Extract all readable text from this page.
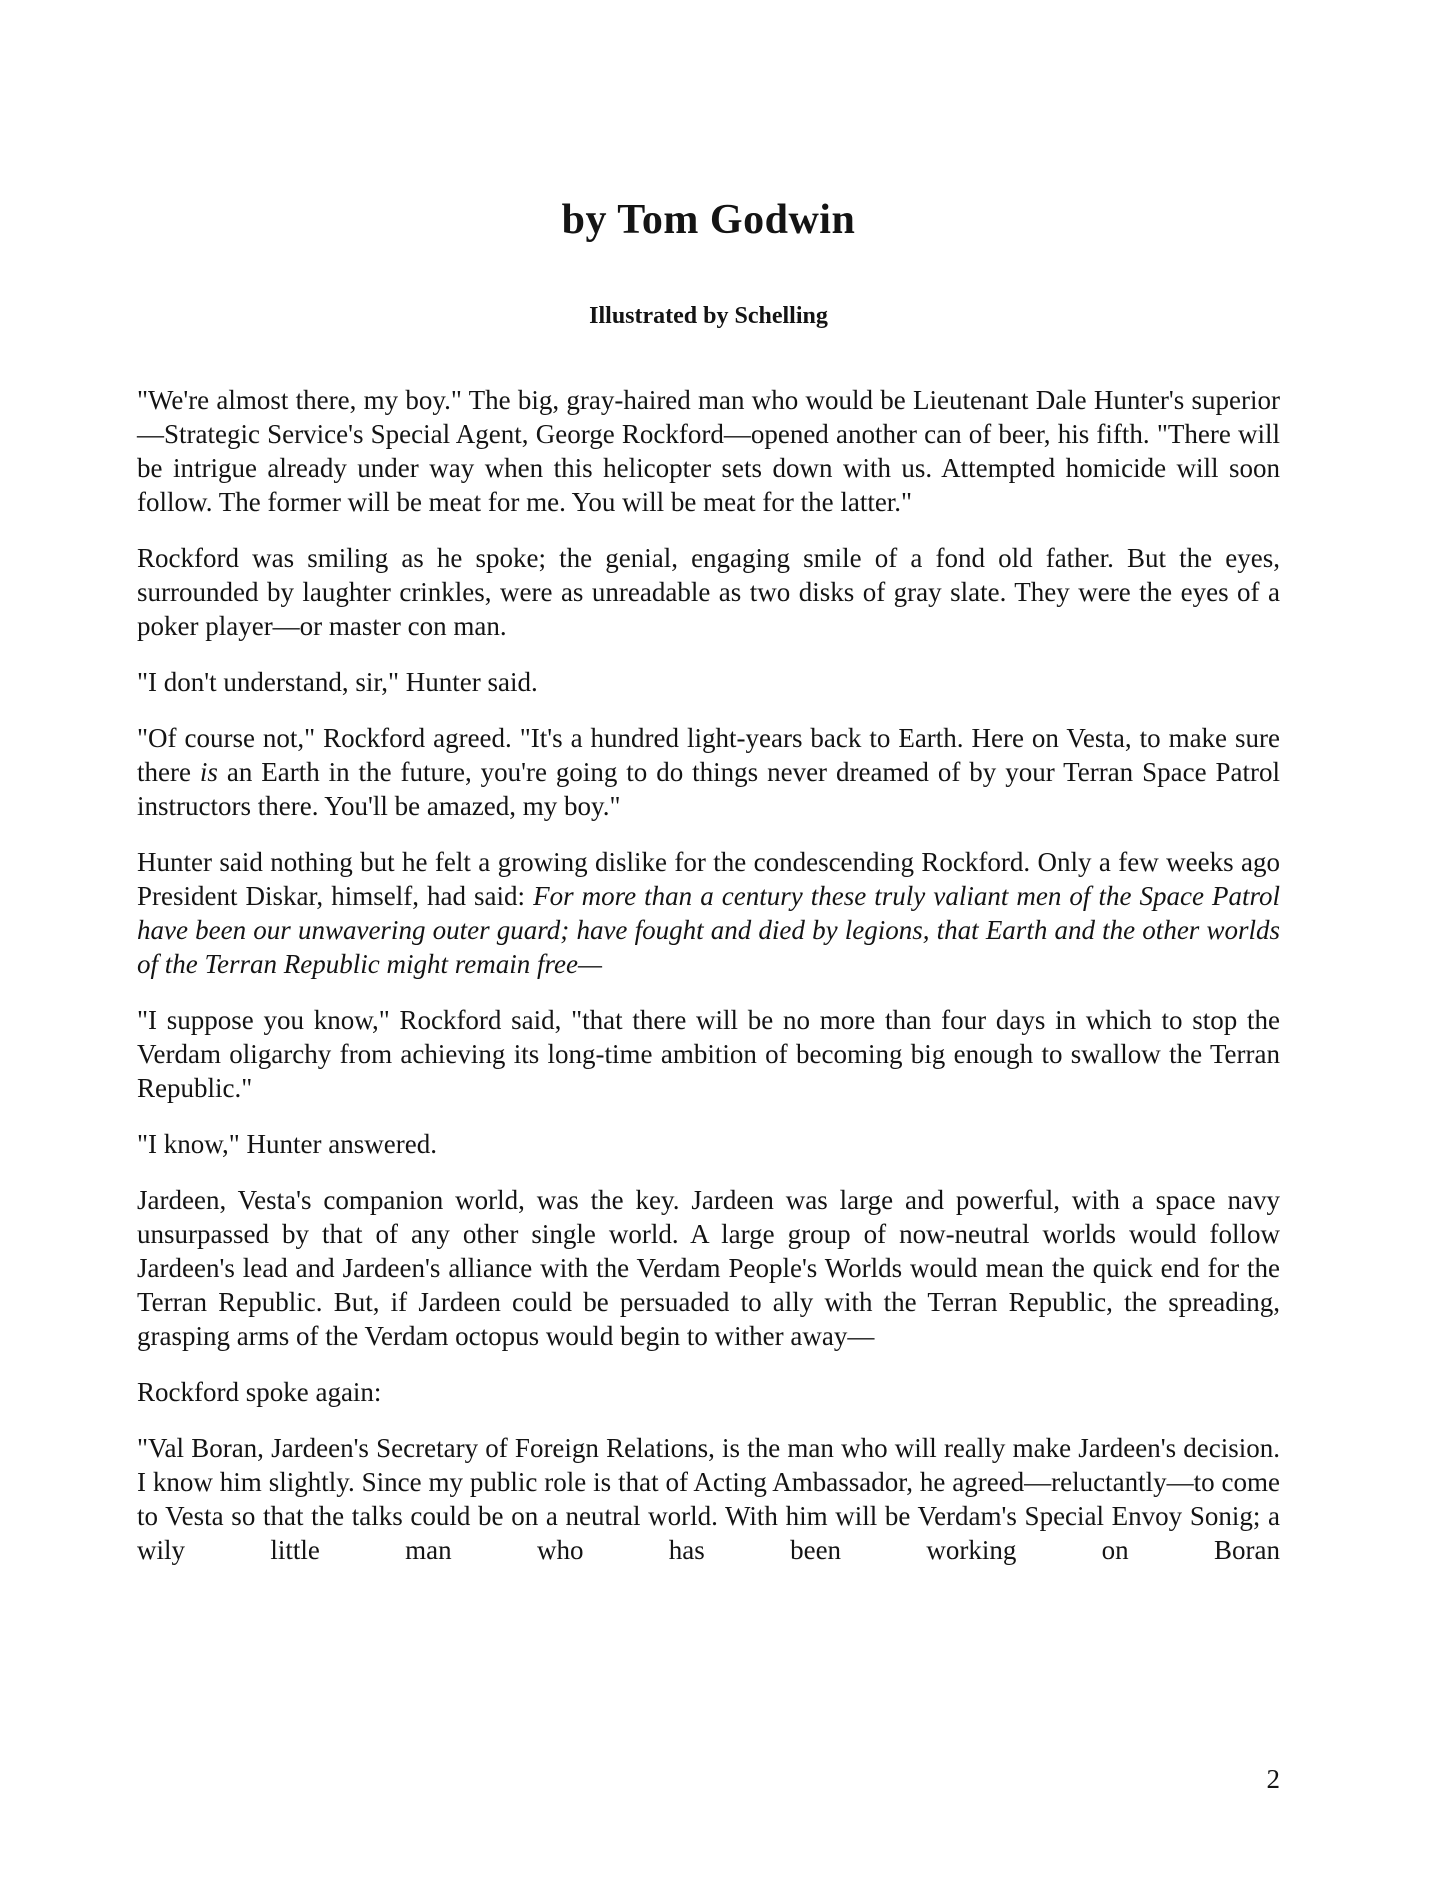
by Tom Godwin
Illustrated by Schelling

"We're almost there, my boy." The big, gray-haired man who would be Lieutenant Dale Hunter's superior—Strategic Service's Special Agent, George Rockford—opened another can of beer, his fifth. "There will be intrigue already under way when this helicopter sets down with us. Attempted homicide will soon follow. The former will be meat for me. You will be meat for the latter."

Rockford was smiling as he spoke; the genial, engaging smile of a fond old father. But the eyes, surrounded by laughter crinkles, were as unreadable as two disks of gray slate. They were the eyes of a poker player—or master con man.

"I don't understand, sir," Hunter said.

"Of course not," Rockford agreed. "It's a hundred light-years back to Earth. Here on Vesta, to make sure there is an Earth in the future, you're going to do things never dreamed of by your Terran Space Patrol instructors there. You'll be amazed, my boy."

Hunter said nothing but he felt a growing dislike for the condescending Rockford. Only a few weeks ago President Diskar, himself, had said: For more than a century these truly valiant men of the Space Patrol have been our unwavering outer guard; have fought and died by legions, that Earth and the other worlds of the Terran Republic might remain free—

"I suppose you know," Rockford said, "that there will be no more than four days in which to stop the Verdam oligarchy from achieving its long-time ambition of becoming big enough to swallow the Terran Republic."

"I know," Hunter answered.

Jardeen, Vesta's companion world, was the key. Jardeen was large and powerful, with a space navy unsurpassed by that of any other single world. A large group of now-neutral worlds would follow Jardeen's lead and Jardeen's alliance with the Verdam People's Worlds would mean the quick end for the Terran Republic. But, if Jardeen could be persuaded to ally with the Terran Republic, the spreading, grasping arms of the Verdam octopus would begin to wither away—

Rockford spoke again:

"Val Boran, Jardeen's Secretary of Foreign Relations, is the man who will really make Jardeen's decision. I know him slightly. Since my public role is that of Acting Ambassador, he agreed—reluctantly—to come to Vesta so that the talks could be on a neutral world. With him will be Verdam's Special Envoy Sonig; a wily little man who has been working on Boran

2
